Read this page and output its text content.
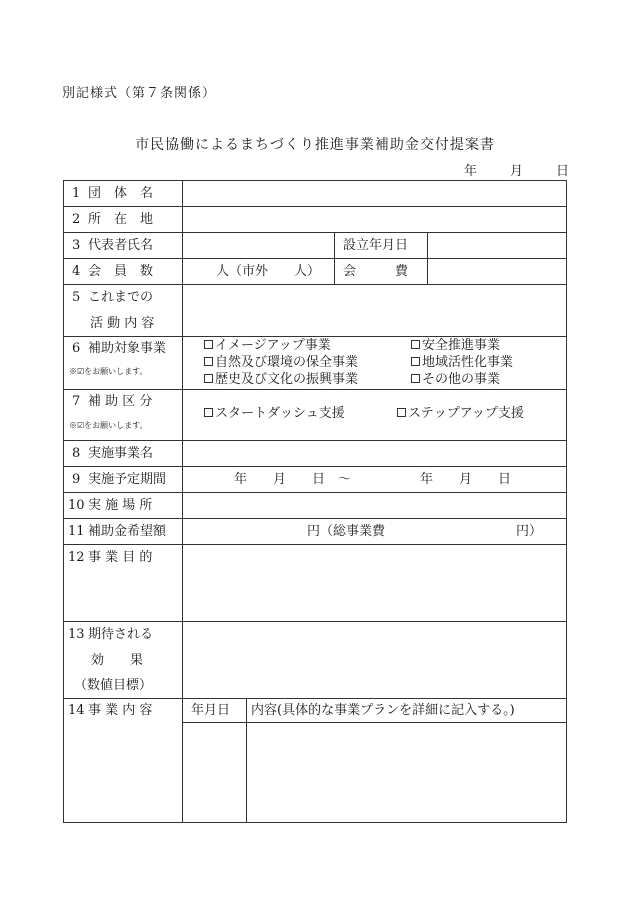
別記様式（第７条関係）
市民協働によるまちづくり推進事業補助金交付提案書
年	月	日
1 団　体　名
2 所　在　地
3 代表者氏名	設立年月日
4 会　員　数	人（市外　　人） 会　　　費
5 これまでの
活 動 内 容
6 補助対象事業
※☑をお願いします。
イメージアップ事業	安全推進事業
自然及び環境の保全事業	地域活性化事業
歴史及び文化の振興事業	その他の事業
7 補 助 区 分
※☑をお願いします。
スタートダッシュ支援	ステップアップ支援
8 実施事業名
9 実施予定期間	年　　月　　日　〜	年　　月　　日
10 実 施 場 所
11 補助金希望額	円（総事業費	円）
12 事 業 目 的
13 期待される
効　　果
（数値目標）
14 事 業 内 容	年月日 内容(具体的な事業プランを詳細に記入する。)
